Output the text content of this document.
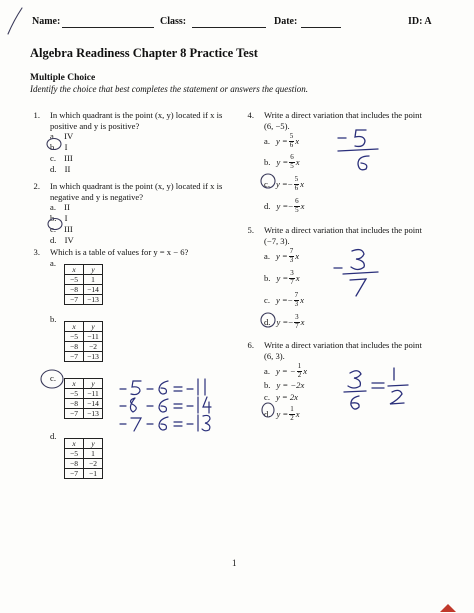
Name:	Class:	Date:	ID: A
Algebra Readiness Chapter 8 Practice Test
Multiple Choice
Identify the choice that best completes the statement or answers the question.
1. In which quadrant is the point (x, y) located if x is
positive and y is positive?
a. IV
b. I
c. III
d. II
2. In which quadrant is the point (x, y) located if x is
negative and y is negative?
a. II
b. I
c. III
d. IV
3. Which is a table of values for y = x − 6?
a.
x	y
−5	1
−8	−14
−7	−13
b.
x	y
−5	−11
−8	−2
−7	−13
c.
x	y
−5	−11
−8	−14
−7	−13
d.
x	y
−5	1
−8	−2
−7	−1
4. Write a direct variation that includes the point
(6, −5).
a. $y = \frac{5}{6}$ x
b. $y = \frac{6}{5}$ x
c. y = − $\frac{5}{6}$ x
d. y = − $\frac{6}{5}$ x
5. Write a direct variation that includes the point
(−7, 3).
a. $y = \frac{7}{3}$ x
b. $y = \frac{3}{7}$ x
c. y = − $\frac{7}{3}$ x
d. y = − $\frac{3}{7}$ x
6. Write a direct variation that includes the point
(6, 3).
a. y = − $\frac{1}{2}$ x
b. y = −2x
c. y = 2x
d. $y = \frac{1}{2}$ x
1
